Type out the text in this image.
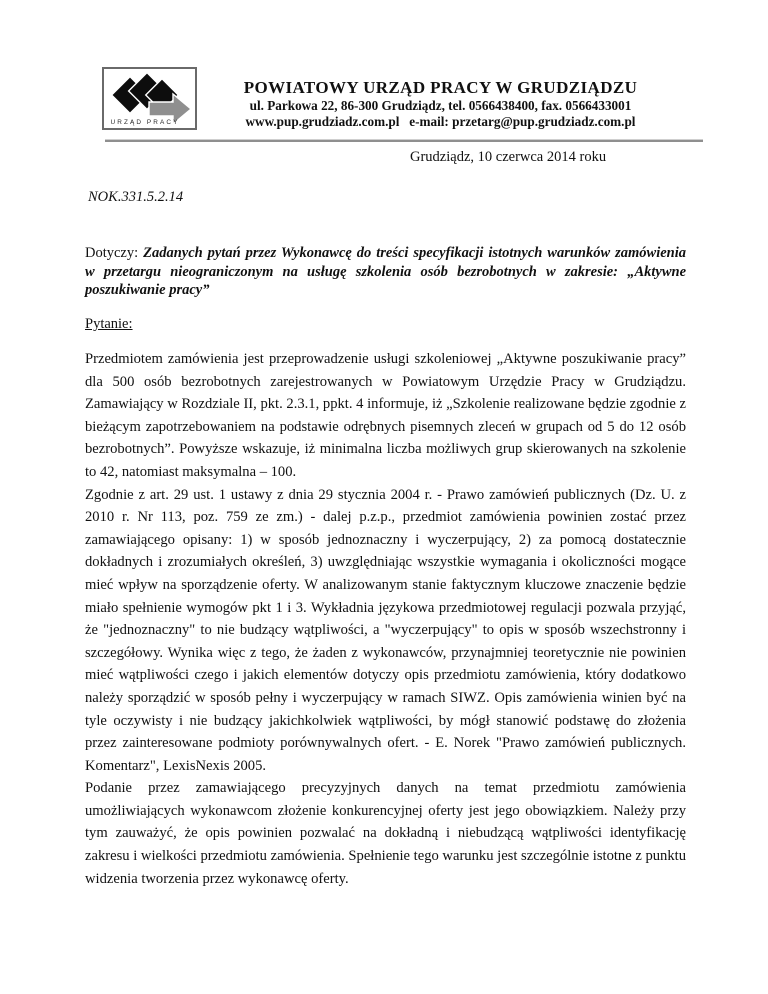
URZĄD PRACY
POWIATOWY URZĄD PRACY W GRUDZIĄDZU
ul. Parkowa 22, 86-300 Grudziądz, tel. 0566438400, fax. 0566433001
www.pup.grudziadz.com.pl   e-mail: przetarg@pup.grudziadz.com.pl
Grudziądz, 10 czerwca 2014 roku
NOK.331.5.2.14
Dotyczy: Zadanych pytań przez Wykonawcę do treści specyfikacji istotnych warunków zamówienia w przetargu nieograniczonym na usługę szkolenia osób bezrobotnych w zakresie: „Aktywne poszukiwanie pracy”
Pytanie:

Przedmiotem zamówienia jest przeprowadzenie usługi szkoleniowej „Aktywne poszukiwanie pracy” dla 500 osób bezrobotnych zarejestrowanych w Powiatowym Urzędzie Pracy w Grudziądzu. Zamawiający w Rozdziale II, pkt. 2.3.1, ppkt. 4 informuje, iż „Szkolenie realizowane będzie zgodnie z bieżącym zapotrzebowaniem na podstawie odrębnych pisemnych zleceń w grupach od 5 do 12 osób bezrobotnych”. Powyższe wskazuje, iż minimalna liczba możliwych grup skierowanych na szkolenie to 42, natomiast maksymalna – 100.

Zgodnie z art. 29 ust. 1 ustawy z dnia 29 stycznia 2004 r. - Prawo zamówień publicznych (Dz. U. z 2010 r. Nr 113, poz. 759 ze zm.) - dalej p.z.p., przedmiot zamówienia powinien zostać przez zamawiającego opisany: 1) w sposób jednoznaczny i wyczerpujący, 2) za pomocą dostatecznie dokładnych i zrozumiałych określeń, 3) uwzględniając wszystkie wymagania i okoliczności mogące mieć wpływ na sporządzenie oferty. W analizowanym stanie faktycznym kluczowe znaczenie będzie miało spełnienie wymogów pkt 1 i 3. Wykładnia językowa przedmiotowej regulacji pozwala przyjąć, że "jednoznaczny" to nie budzący wątpliwości, a "wyczerpujący" to opis w sposób wszechstronny i szczegółowy. Wynika więc z tego, że żaden z wykonawców, przynajmniej teoretycznie nie powinien mieć wątpliwości czego i jakich elementów dotyczy opis przedmiotu zamówienia, który dodatkowo należy sporządzić w sposób pełny i wyczerpujący w ramach SIWZ. Opis zamówienia winien być na tyle oczywisty i nie budzący jakichkolwiek wątpliwości, by mógł stanowić podstawę do złożenia przez zainteresowane podmioty porównywalnych ofert. - E. Norek "Prawo zamówień publicznych. Komentarz", LexisNexis 2005.

Podanie przez zamawiającego precyzyjnych danych na temat przedmiotu zamówienia umożliwiających wykonawcom złożenie konkurencyjnej oferty jest jego obowiązkiem. Należy przy tym zauważyć, że opis powinien pozwalać na dokładną i niebudzącą wątpliwości identyfikację zakresu i wielkości przedmiotu zamówienia. Spełnienie tego warunku jest szczególnie istotne z punktu widzenia tworzenia przez wykonawcę oferty.
